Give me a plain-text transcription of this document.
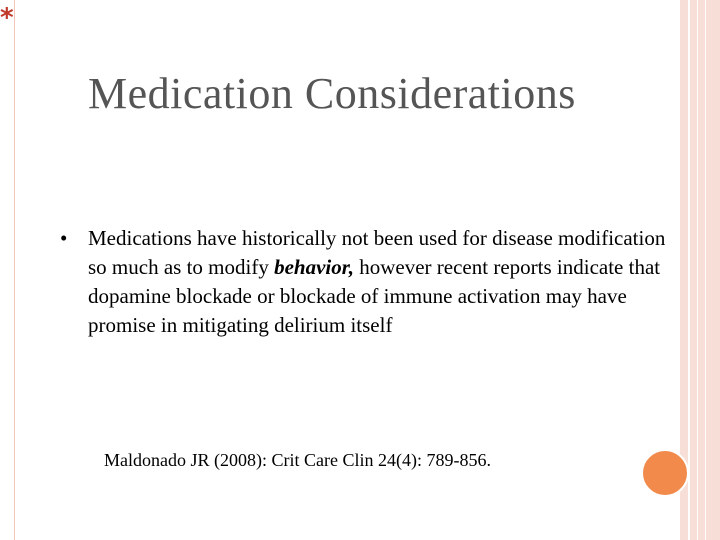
*
Medication Considerations
• Medications have historically not been used for disease modification so much as to modify behavior, however recent reports indicate that dopamine blockade or blockade of immune activation may have promise in mitigating delirium itself
Maldonado JR (2008): Crit Care Clin 24(4): 789-856.
